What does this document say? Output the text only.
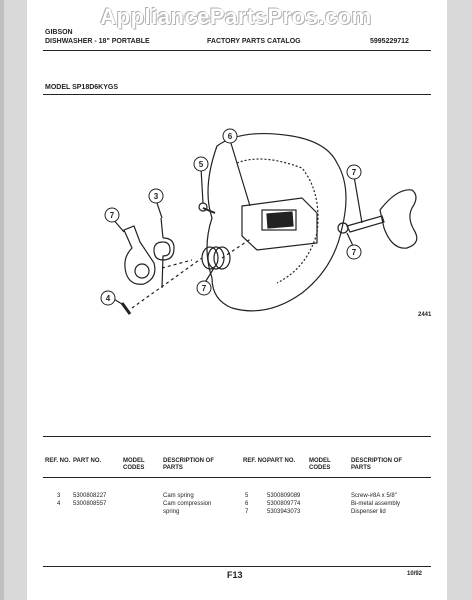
GIBSON
DISHWASHER - 18" PORTABLE	FACTORY PARTS CATALOG	5995229712
MODEL SP18D6KYGS
7
3
5
6
7
7
4
7
2441
REF. NO. PART NO.	MODEL CODES
DESCRIPTION OF PARTS
REF. NO.
PART NO. MODEL CODES
DESCRIPTION OF PARTS
3 5300808227	Cam spring
4 5300808557	Cam compression
spring
5	5300809089	Screw-#8A x 5/8"
6	5300809774	Bi-metal assembly
7	5303943073	Dispenser lid
F13	10/92
AppliancePartsPros.com
